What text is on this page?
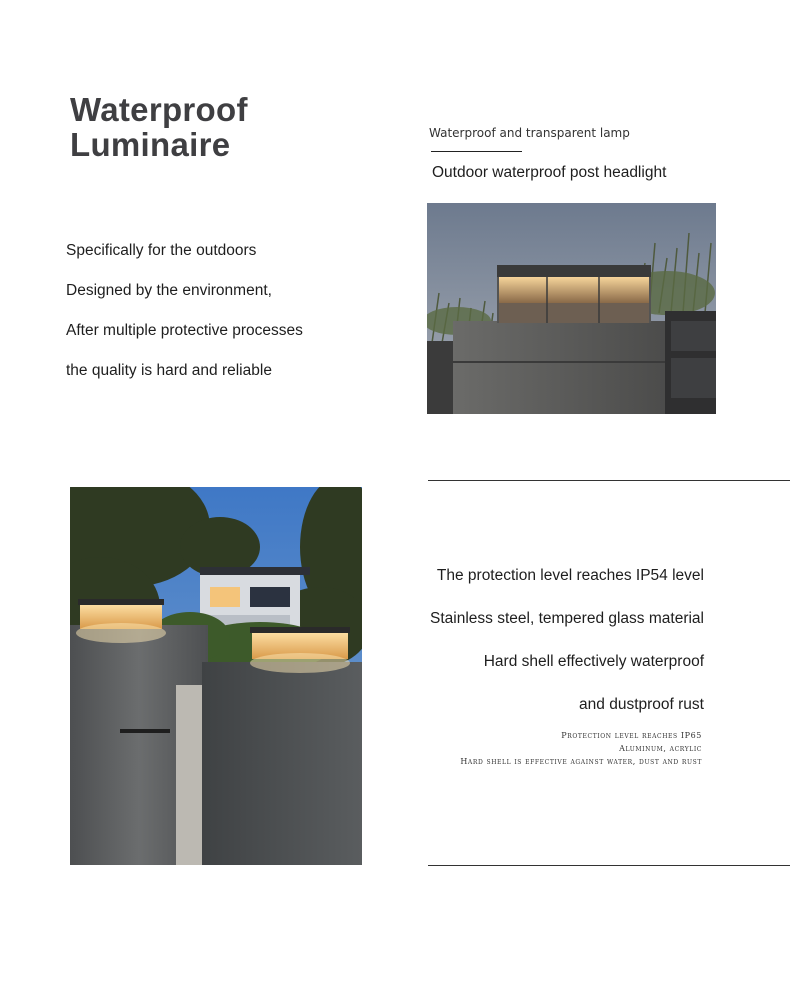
Waterproof
Luminaire
Specifically for the outdoors
Designed by the environment,
After multiple protective processes
the quality is hard and reliable
Waterproof and transparent lamp
Outdoor waterproof post headlight
The protection level reaches IP54 level
Stainless steel, tempered glass material
Hard shell effectively waterproof
and dustproof rust
Protection level reaches IP65
Aluminum, acrylic
Hard shell is effective against water, dust and rust
